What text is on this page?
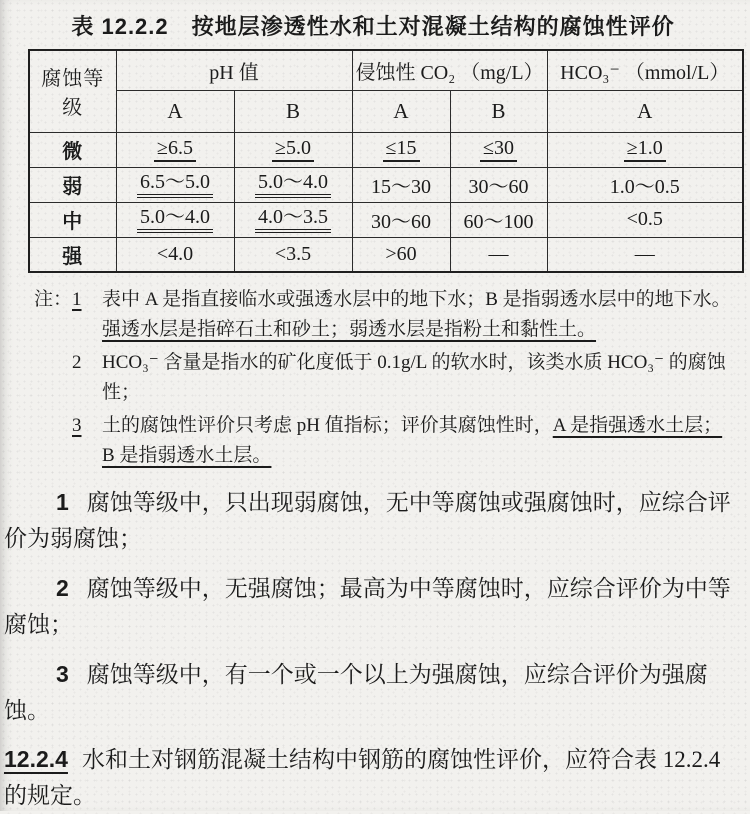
表 12.2.2　按地层渗透性水和土对混凝土结构的腐蚀性评价
腐蚀等级	pH 值		侵蚀性 CO₂ （mg/L）		HCO₃⁻ （mmol/L）
	A	B	A	B	A
微	≥6.5	≥5.0	≤15	≤30	≥1.0
弱	6.5～5.0	5.0～4.0	15～30	30～60	1.0～0.5
中	5.0～4.0	4.0～3.5	30～60	60～100	<0.5
强	<4.0	<3.5	>60	—	—
注： 1	表中 A 是指直接临水或强透水层中的地下水；B 是指弱透水层中的地下水。强透水层是指碎石土和砂土；弱透水层是指粉土和黏性土。
2	HCO₃⁻ 含量是指水的矿化度低于 0.1g/L 的软水时，该类水质 HCO₃⁻ 的腐蚀性；
3	土的腐蚀性评价只考虑 pH 值指标；评价其腐蚀性时，A 是指强透水土层；B 是指弱透水土层。

1 腐蚀等级中，只出现弱腐蚀，无中等腐蚀或强腐蚀时，应综合评价为弱腐蚀；

2 腐蚀等级中，无强腐蚀；最高为中等腐蚀时，应综合评价为中等腐蚀；

3 腐蚀等级中，有一个或一个以上为强腐蚀，应综合评价为强腐蚀。

12.2.4 水和土对钢筋混凝土结构中钢筋的腐蚀性评价，应符合表 12.2.4 的规定。
